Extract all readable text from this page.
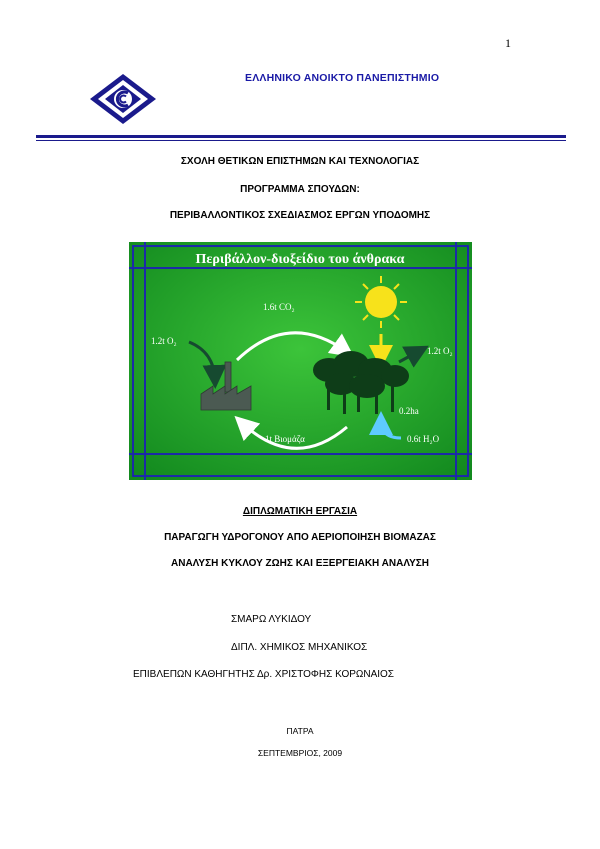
1
ΕΛΛΗΝΙΚΟ ΑΝΟΙΚΤΟ ΠΑΝΕΠΙΣΤΗΜΙΟ
ΣΧΟΛΗ ΘΕΤΙΚΩΝ ΕΠΙΣΤΗΜΩΝ ΚΑΙ ΤΕΧΝΟΛΟΓΙΑΣ
ΠΡΟΓΡΑΜΜΑ ΣΠΟΥΔΩΝ:
ΠΕΡΙΒΑΛΛΟΝΤΙΚΟΣ ΣΧΕΔΙΑΣΜΟΣ ΕΡΓΩΝ ΥΠΟΔΟΜΗΣ
Περιβάλλον-διοξείδιο του άνθρακα
1.6t CO₂
1.2t O₂
1.2t O₂
0.2ha
1t Βιομάζα	0.6t H₂O
ΔΙΠΛΩΜΑΤΙΚΗ ΕΡΓΑΣΙΑ
ΠΑΡΑΓΩΓΗ ΥΔΡΟΓΟΝΟΥ ΑΠΟ ΑΕΡΙΟΠΟΙΗΣΗ ΒΙΟΜΑΖΑΣ
ΑΝΑΛΥΣΗ ΚΥΚΛΟΥ ΖΩΗΣ ΚΑΙ ΕΞΕΡΓΕΙΑΚΗ ΑΝΑΛΥΣΗ
ΣΜΑΡΩ ΛΥΚΙΔΟΥ
ΔΙΠΛ. ΧΗΜΙΚΟΣ ΜΗΧΑΝΙΚΟΣ
ΕΠΙΒΛΕΠΩΝ ΚΑΘΗΓΗΤΗΣ Δρ. ΧΡΙΣΤΟΦΗΣ ΚΟΡΩΝΑΙΟΣ
ΠΑΤΡΑ
ΣΕΠΤΕΜΒΡΙΟΣ, 2009
